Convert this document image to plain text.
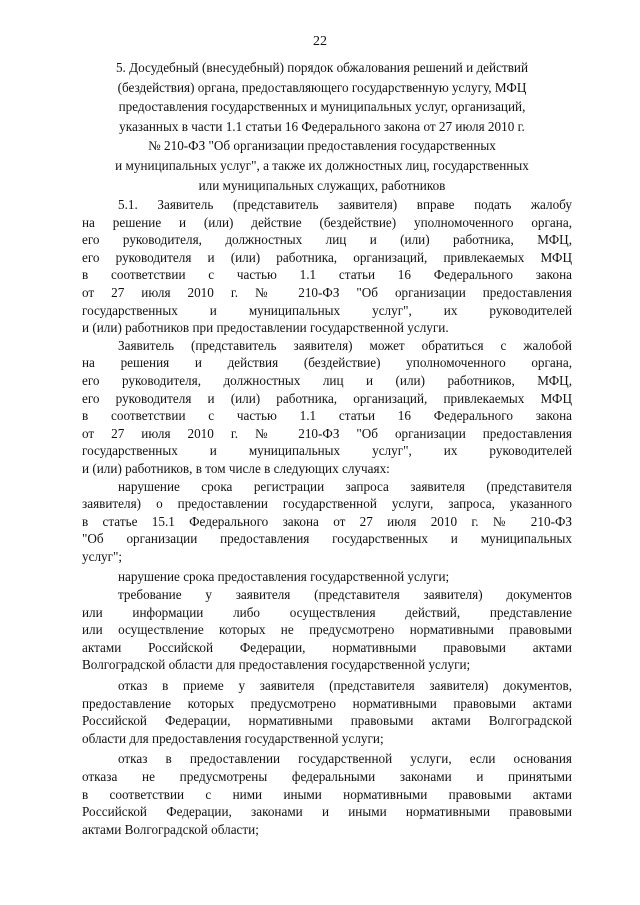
22
5. Досудебный (внесудебный) порядок обжалования решений и действий
(бездействия) органа, предоставляющего государственную услугу, МФЦ
предоставления государственных и муниципальных услуг, организаций,
указанных в части 1.1 статьи 16 Федерального закона от 27 июля 2010 г.
№ 210-ФЗ "Об организации предоставления государственных
и муниципальных услуг", а также их должностных лиц, государственных
или муниципальных служащих, работников
5.1. Заявитель (представитель заявителя) вправе подать жалобу
на решение и (или) действие (бездействие) уполномоченного органа,
его руководителя, должностных лиц и (или) работника, МФЦ,
его руководителя и (или) работника, организаций, привлекаемых МФЦ
в соответствии с частью 1.1 статьи 16 Федерального закона
от 27 июля 2010 г. № 210-ФЗ "Об организации предоставления
государственных и муниципальных услуг", их руководителей
и (или) работников при предоставлении государственной услуги.
Заявитель (представитель заявителя) может обратиться с жалобой
на решения и действия (бездействие) уполномоченного органа,
его руководителя, должностных лиц и (или) работников, МФЦ,
его руководителя и (или) работника, организаций, привлекаемых МФЦ
в соответствии с частью 1.1 статьи 16 Федерального закона
от 27 июля 2010 г. № 210-ФЗ "Об организации предоставления
государственных и муниципальных услуг", их руководителей
и (или) работников, в том числе в следующих случаях:
нарушение срока регистрации запроса заявителя (представителя
заявителя) о предоставлении государственной услуги, запроса, указанного
в статье 15.1 Федерального закона от 27 июля 2010 г. № 210-ФЗ
"Об организации предоставления государственных и муниципальных
услуг";
нарушение срока предоставления государственной услуги;
требование у заявителя (представителя заявителя) документов
или информации либо осуществления действий, представление
или осуществление которых не предусмотрено нормативными правовыми
актами Российской Федерации, нормативными правовыми актами
Волгоградской области для предоставления государственной услуги;
отказ в приеме у заявителя (представителя заявителя) документов,
предоставление которых предусмотрено нормативными правовыми актами
Российской Федерации, нормативными правовыми актами Волгоградской
области для предоставления государственной услуги;
отказ в предоставлении государственной услуги, если основания
отказа не предусмотрены федеральными законами и принятыми
в соответствии с ними иными нормативными правовыми актами
Российской Федерации, законами и иными нормативными правовыми
актами Волгоградской области;
